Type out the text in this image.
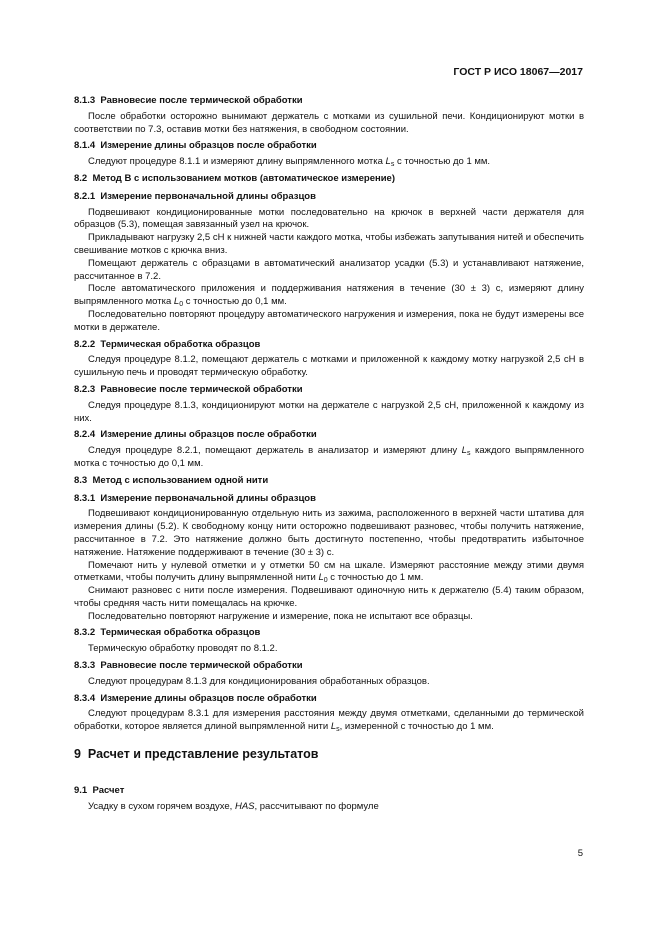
ГОСТ Р ИСО 18067—2017
8.1.3 Равновесие после термической обработки

После обработки осторожно вынимают держатель с мотками из сушильной печи. Кондиционируют мотки в соответствии по 7.3, оставив мотки без натяжения, в свободном состоянии.

8.1.4 Измерение длины образцов после обработки

Следуют процедуре 8.1.1 и измеряют длину выпрямленного мотка $L_s$ с точностью до 1 мм.

8.2 Метод В с использованием мотков (автоматическое измерение)
8.2.1 Измерение первоначальной длины образцов

Подвешивают кондиционированные мотки последовательно на крючок в верхней части держателя для образцов (5.3), помещая завязанный узел на крючок.

Прикладывают нагрузку 2,5 сН к нижней части каждого мотка, чтобы избежать запутывания нитей и обеспечить свешивание мотков с крючка вниз.

Помещают держатель с образцами в автоматический анализатор усадки (5.3) и устанавливают натяжение, рассчитанное в 7.2.

После автоматического приложения и поддерживания натяжения в течение (30 ± 3) с, измеряют длину выпрямленного мотка $L_0$ с точностью до 0,1 мм.

Последовательно повторяют процедуру автоматического нагружения и измерения, пока не будут измерены все мотки в держателе.

8.2.2 Термическая обработка образцов

Следуя процедуре 8.1.2, помещают держатель с мотками и приложенной к каждому мотку нагрузкой 2,5 сН в сушильную печь и проводят термическую обработку.

8.2.3 Равновесие после термической обработки

Следуя процедуре 8.1.3, кондиционируют мотки на держателе с нагрузкой 2,5 сН, приложенной к каждому из них.

8.2.4 Измерение длины образцов после обработки

Следуя процедуре 8.2.1, помещают держатель в анализатор и измеряют длину $L_s$ каждого выпрямленного мотка с точностью до 0,1 мм.

8.3 Метод с использованием одной нити
8.3.1 Измерение первоначальной длины образцов

Подвешивают кондиционированную отдельную нить из зажима, расположенного в верхней части штатива для измерения длины (5.2). К свободному концу нити осторожно подвешивают разновес, чтобы получить натяжение, рассчитанное в 7.2. Это натяжение должно быть достигнуто постепенно, чтобы предотвратить избыточное натяжение. Натяжение поддерживают в течение (30 ± 3) с.

Помечают нить у нулевой отметки и у отметки 50 см на шкале. Измеряют расстояние между этими двумя отметками, чтобы получить длину выпрямленной нити $L_0$ с точностью до 1 мм.

Снимают разновес с нити после измерения. Подвешивают одиночную нить к держателю (5.4) таким образом, чтобы средняя часть нити помещалась на крючке.

Последовательно повторяют нагружение и измерение, пока не испытают все образцы.

8.3.2 Термическая обработка образцов

Термическую обработку проводят по 8.1.2.

8.3.3 Равновесие после термической обработки

Следуют процедурам 8.1.3 для кондиционирования обработанных образцов.

8.3.4 Измерение длины образцов после обработки

Следуют процедурам 8.3.1 для измерения расстояния между двумя отметками, сделанными до термической обработки, которое является длиной выпрямленной нити $L_s$, измеренной с точностью до 1 мм.

9 Расчет и представление результатов
9.1 Расчет

Усадку в сухом горячем воздухе, HAS, рассчитывают по формуле

5
